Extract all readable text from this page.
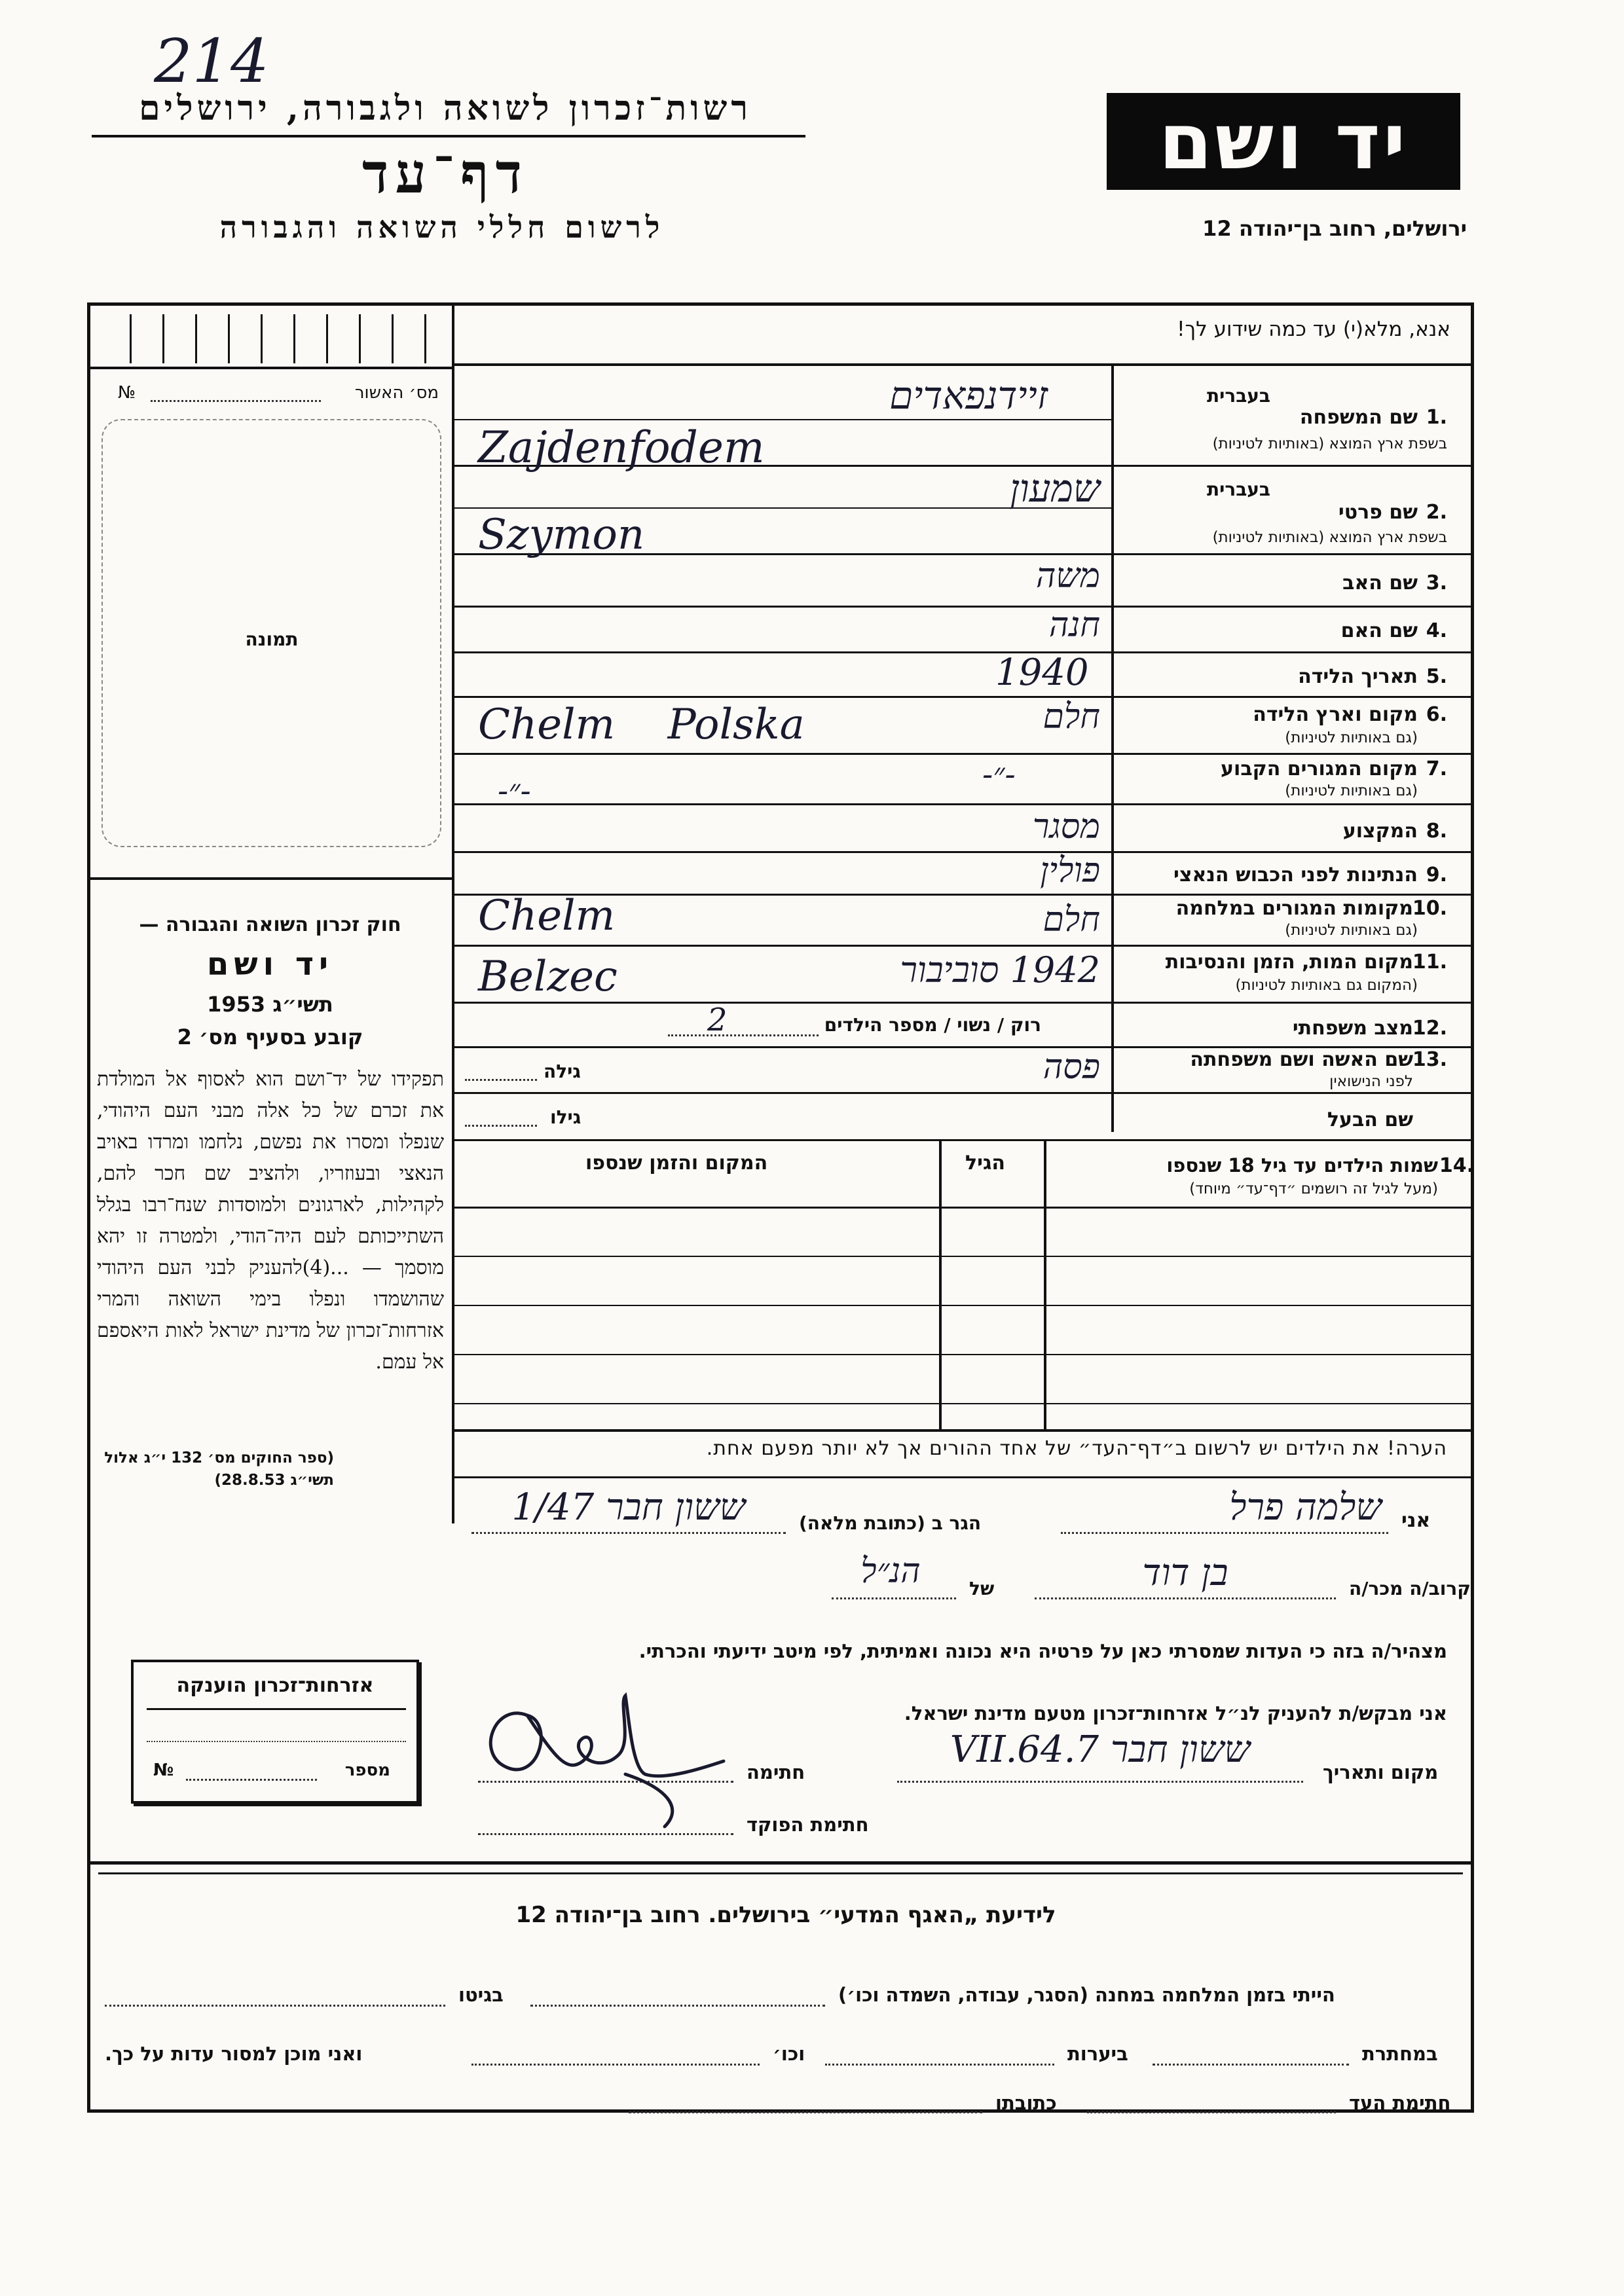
214
רשות־זכרון לשואה ולגבורה, ירושלים
דף־עד
לרשום חללי השואה והגבורה
יד ושם
ירושלים, רחוב בן־יהודה 12
אנא, מלא(י) עד כמה שידוע לך!
№	מס׳ האשור
תמונה
חוק זכרון השואה והגבורה —
יד ושם
תשי״ג 1953
קובע בסעיף מס׳ 2
תפקידו של יד־ושם הוא לאסוף אל המולדת את זכרם של כל אלה מבני העם היהודי, שנפלו ומסרו את נפשם, נלחמו ומרדו באויב הנאצי ובעוזריו, ולהציב שם חכר להם, לקהילות, לארגונים ולמוסדות שנח־רבו בגלל השתייכותם לעם היה־הודי, ולמטרה זו יהא מוסמך — ...(4)להעניק לבני העם היהודי שהושמדו ונפלו בימי השואה והמרי אזרחות־זכרון של מדינת ישראל לאות היאספם אל עמם.
(ספר החוקים מס׳ 132 י״ג אלול תשי״ג 28.8.53)
בעברית
1.
שם המשפחה
בשפת ארץ המוצא (באותיות לטיניות)
זיידנפאדים
Zajdenfodem
בעברית
2.
שם פרטי
בשפת ארץ המוצא (באותיות לטיניות)
שמעון
Szymon
3.
שם האב
משה
4.
שם האם
חנה
5.
תאריך הלידה
1940
6.
מקום וארץ הלידה
(גם באותיות לטיניות)
חלם
Chelm Polska
7.
מקום המגורים הקבוע
(גם באותיות לטיניות)
-״-
-״-
8.
המקצוע
מסגר
9.
הנתינות לפני הכבוש הנאצי
פולין
10.
מקומות המגורים במלחמה
(גם באותיות לטיניות)
חלם
Chelm
11.
מקום המות, הזמן והנסיבות
(המקום גם באותיות לטיניות)
1942 סוביבור
Belzec
12.
מצב משפחתי
רוק / נשוי / מספר הילדים
2
13.
שם האשה ושם משפחתה
לפני הנישואין
פסה
גילה
שם הבעל
גילו
14.
שמות הילדים עד גיל 18 שנספו
(מעל לגיל זה רושמים ״דף־עד״ מיוחד)
הגיל
המקום והזמן שנספו
הערה! את הילדים יש לרשום ב״דף־העד״ של אחד ההורים אך לא יותר מפעם אחת.
אני
שלמה פרל
הגר ב (כתובת מלאה)
ששון חבר 1/47
קרוב/ה מכר/ה
בן דוד
של
הנ״ל
מצהיר/ה בזה כי העדות שמסרתי כאן על פרטיה היא נכונה ואמיתית, לפי מיטב ידיעתי והכרתי.
אני מבקש/ת להעניק לנ״ל אזרחות־זכרון מטעם מדינת ישראל.
מקום ותאריך
ששון חבר 7.VII.64
חתימה
חתימת הפוקד
אזרחות־זכרון הוענקה
מספר
№
לידיעת „האגף המדעי״ בירושלים. רחוב בן־יהודה 12
הייתי בזמן המלחמה במחנה (הסגר, עבודה, השמדה וכו׳)
בגיטו
במחתרת
ביערות
וכו׳
ואני מוכן למסור עדות על כך.
חתימת העד
כתובתו
